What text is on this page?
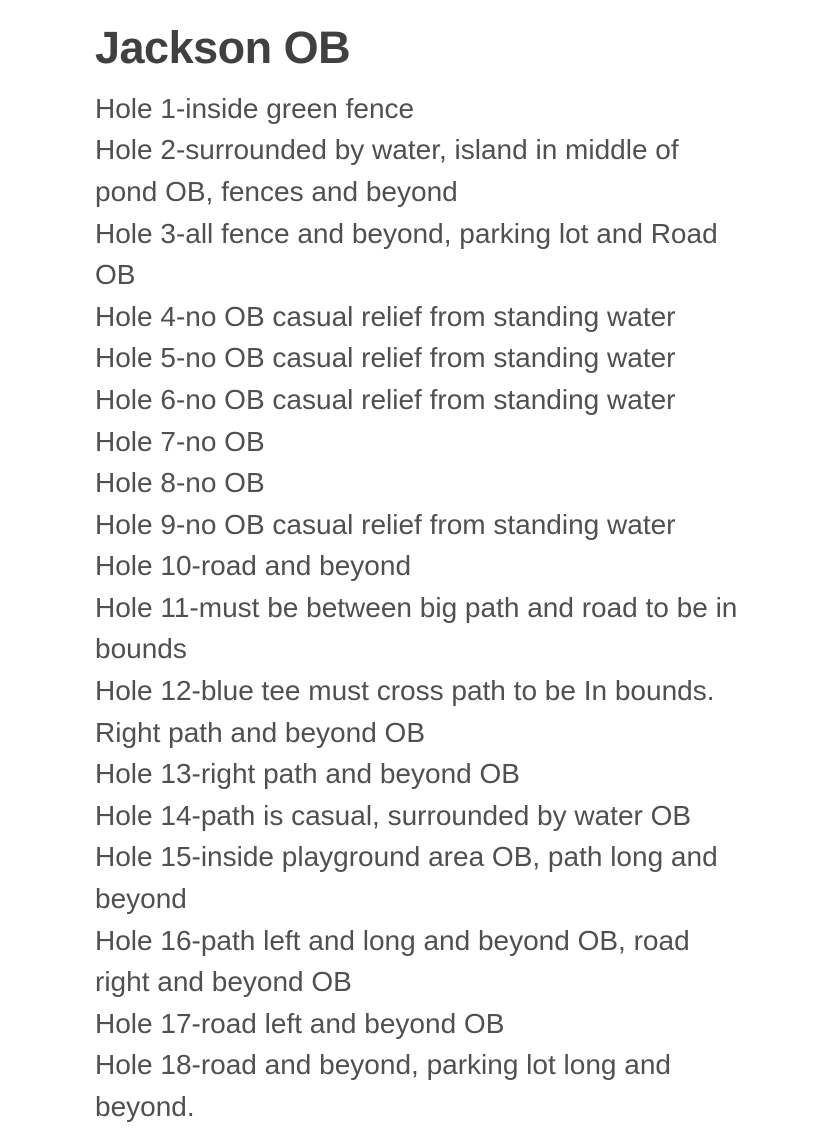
Jackson OB

Hole 1-inside green fence

Hole 2-surrounded by water, island in middle of pond OB, fences and beyond

Hole 3-all fence and beyond, parking lot and Road OB

Hole 4-no OB casual relief from standing water

Hole 5-no OB casual relief from standing water

Hole 6-no OB casual relief from standing water

Hole 7-no OB

Hole 8-no OB

Hole 9-no OB casual relief from standing water

Hole 10-road and beyond

Hole 11-must be between big path and road to be in bounds

Hole 12-blue tee must cross path to be In bounds. Right path and beyond OB

Hole 13-right path and beyond OB

Hole 14-path is casual, surrounded by water OB

Hole 15-inside playground area OB, path long and beyond

Hole 16-path left and long and beyond OB, road right and beyond OB

Hole 17-road left and beyond OB

Hole 18-road and beyond, parking lot long and beyond.
